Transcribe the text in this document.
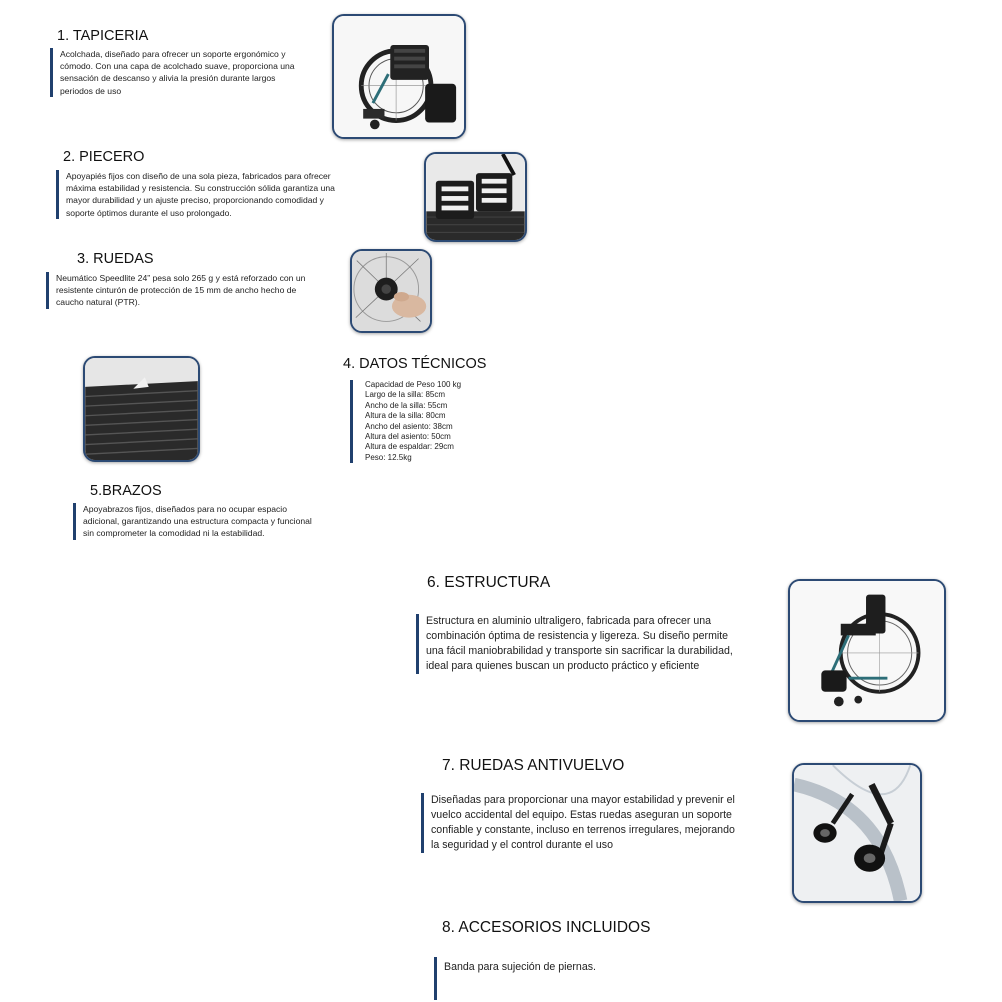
1. TAPICERIA
Acolchada, diseñado para ofrecer un soporte ergonómico y
cómodo. Con una capa de acolchado suave, proporciona una
sensación de descanso y alivia la presión durante largos
periodos de uso
2. PIECERO
Apoyapiés fijos con diseño de una sola pieza, fabricados para ofrecer
máxima estabilidad y resistencia. Su construcción sólida garantiza una
mayor durabilidad y un ajuste preciso, proporcionando comodidad y
soporte óptimos durante el uso prolongado.
3. RUEDAS
Neumático Speedlite 24” pesa solo 265 g y está reforzado con un
resistente cinturón de protección de 15 mm de ancho hecho de
caucho natural (PTR).
4. DATOS TÉCNICOS
Capacidad de Peso 100 kg
Largo de la silla: 85cm
Ancho de la silla: 55cm
Altura de la silla: 80cm
Ancho del asiento: 38cm
Altura del asiento: 50cm
Altura de espaldar: 29cm
Peso: 12.5kg
5.BRAZOS
Apoyabrazos fijos, diseñados para no ocupar espacio
adicional, garantizando una estructura compacta y funcional
sin comprometer la comodidad ni la estabilidad.
6. ESTRUCTURA
Estructura en aluminio ultraligero, fabricada para ofrecer una
combinación óptima de resistencia y ligereza. Su diseño permite
una fácil maniobrabilidad y transporte sin sacrificar la durabilidad,
ideal para quienes buscan un producto práctico y eficiente
7. RUEDAS ANTIVUELVO
Diseñadas para proporcionar una mayor estabilidad y prevenir el
vuelco accidental del equipo. Estas ruedas aseguran un soporte
confiable y constante, incluso en terrenos irregulares, mejorando
la seguridad y el control durante el uso
8. ACCESORIOS INCLUIDOS
Banda para sujeción de piernas.
